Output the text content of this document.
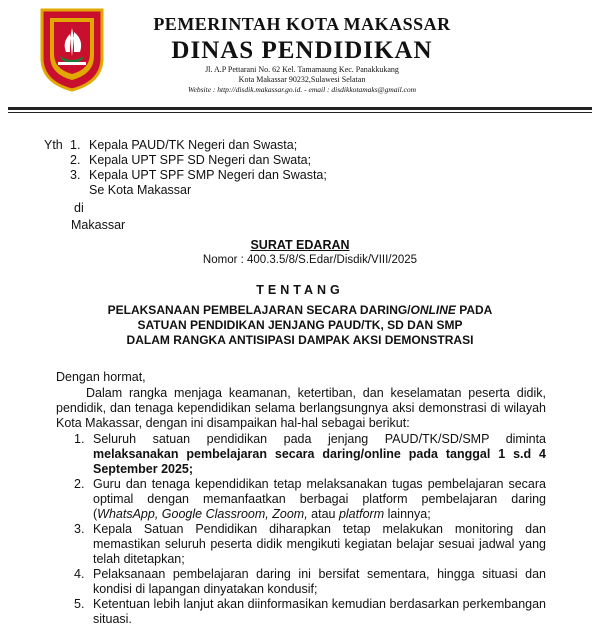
PEMERINTAH KOTA MAKASSAR
DINAS PENDIDIKAN
Jl. A.P Pettarani No. 62 Kel. Tamamaung Kec. Panakkukang
Kota Makassar 90232,Sulawesi Selatan
Website : http://disdik.makassar.go.id. - email : disdikkotamaks@gmail.com
Yth 1. Kepala PAUD/TK Negeri dan Swasta;
2. Kepala UPT SPF SD Negeri dan Swata;
3. Kepala UPT SPF SMP Negeri dan Swasta;
Se Kota Makassar
di
Makassar
SURAT EDARAN
Nomor : 400.3.5/8/S.Edar/Disdik/VIII/2025
TENTANG
PELAKSANAAN PEMBELAJARAN SECARA DARING/ONLINE PADA
SATUAN PENDIDIKAN JENJANG PAUD/TK, SD DAN SMP
DALAM RANGKA ANTISIPASI DAMPAK AKSI DEMONSTRASI
Dengan hormat,
Dalam rangka menjaga keamanan, ketertiban, dan keselamatan peserta didik, pendidik, dan tenaga kependidikan selama berlangsungnya aksi demonstrasi di wilayah Kota Makassar, dengan ini disampaikan hal-hal sebagai berikut:
1. Seluruh satuan pendidikan pada jenjang PAUD/TK/SD/SMP diminta melaksanakan pembelajaran secara daring/online pada tanggal 1 s.d 4 September 2025;
2. Guru dan tenaga kependidikan tetap melaksanakan tugas pembelajaran secara optimal dengan memanfaatkan berbagai platform pembelajaran daring (WhatsApp, Google Classroom, Zoom, atau platform lainnya;
3. Kepala Satuan Pendidikan diharapkan tetap melakukan monitoring dan memastikan seluruh peserta didik mengikuti kegiatan belajar sesuai jadwal yang telah ditetapkan;
4. Pelaksanaan pembelajaran daring ini bersifat sementara, hingga situasi dan kondisi di lapangan dinyatakan kondusif;
5. Ketentuan lebih lanjut akan diinformasikan kemudian berdasarkan perkembangan situasi.
